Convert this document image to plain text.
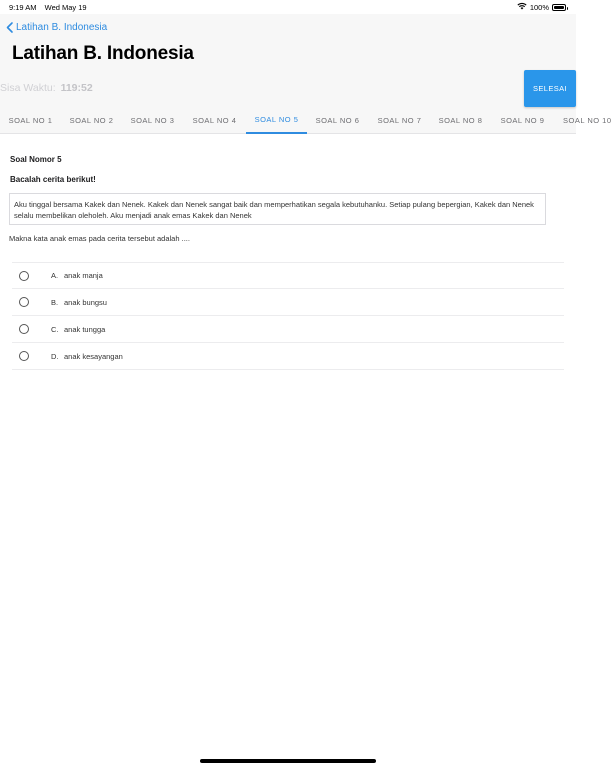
9:19 AM Wed May 19	100%
Latihan B. Indonesia
Latihan B. Indonesia
Sisa Waktu: 119:52	SELESAI
SOAL NO 1	SOAL NO 2	SOAL NO 3	SOAL NO 4	SOAL NO 5	SOAL NO 6	SOAL NO 7	SOAL NO 8	SOAL NO 9	SOAL NO 10
Soal Nomor 5
Bacalah cerita berikut!
Aku tinggal bersama Kakek dan Nenek. Kakek dan Nenek sangat baik dan memperhatikan segala kebutuhanku. Setiap pulang bepergian, Kakek dan Nenek selalu membelikan oleholeh. Aku menjadi anak emas Kakek dan Nenek
Makna kata anak emas pada cerita tersebut adalah ....
A. anak manja
B. anak bungsu
C. anak tungga
D. anak kesayangan
